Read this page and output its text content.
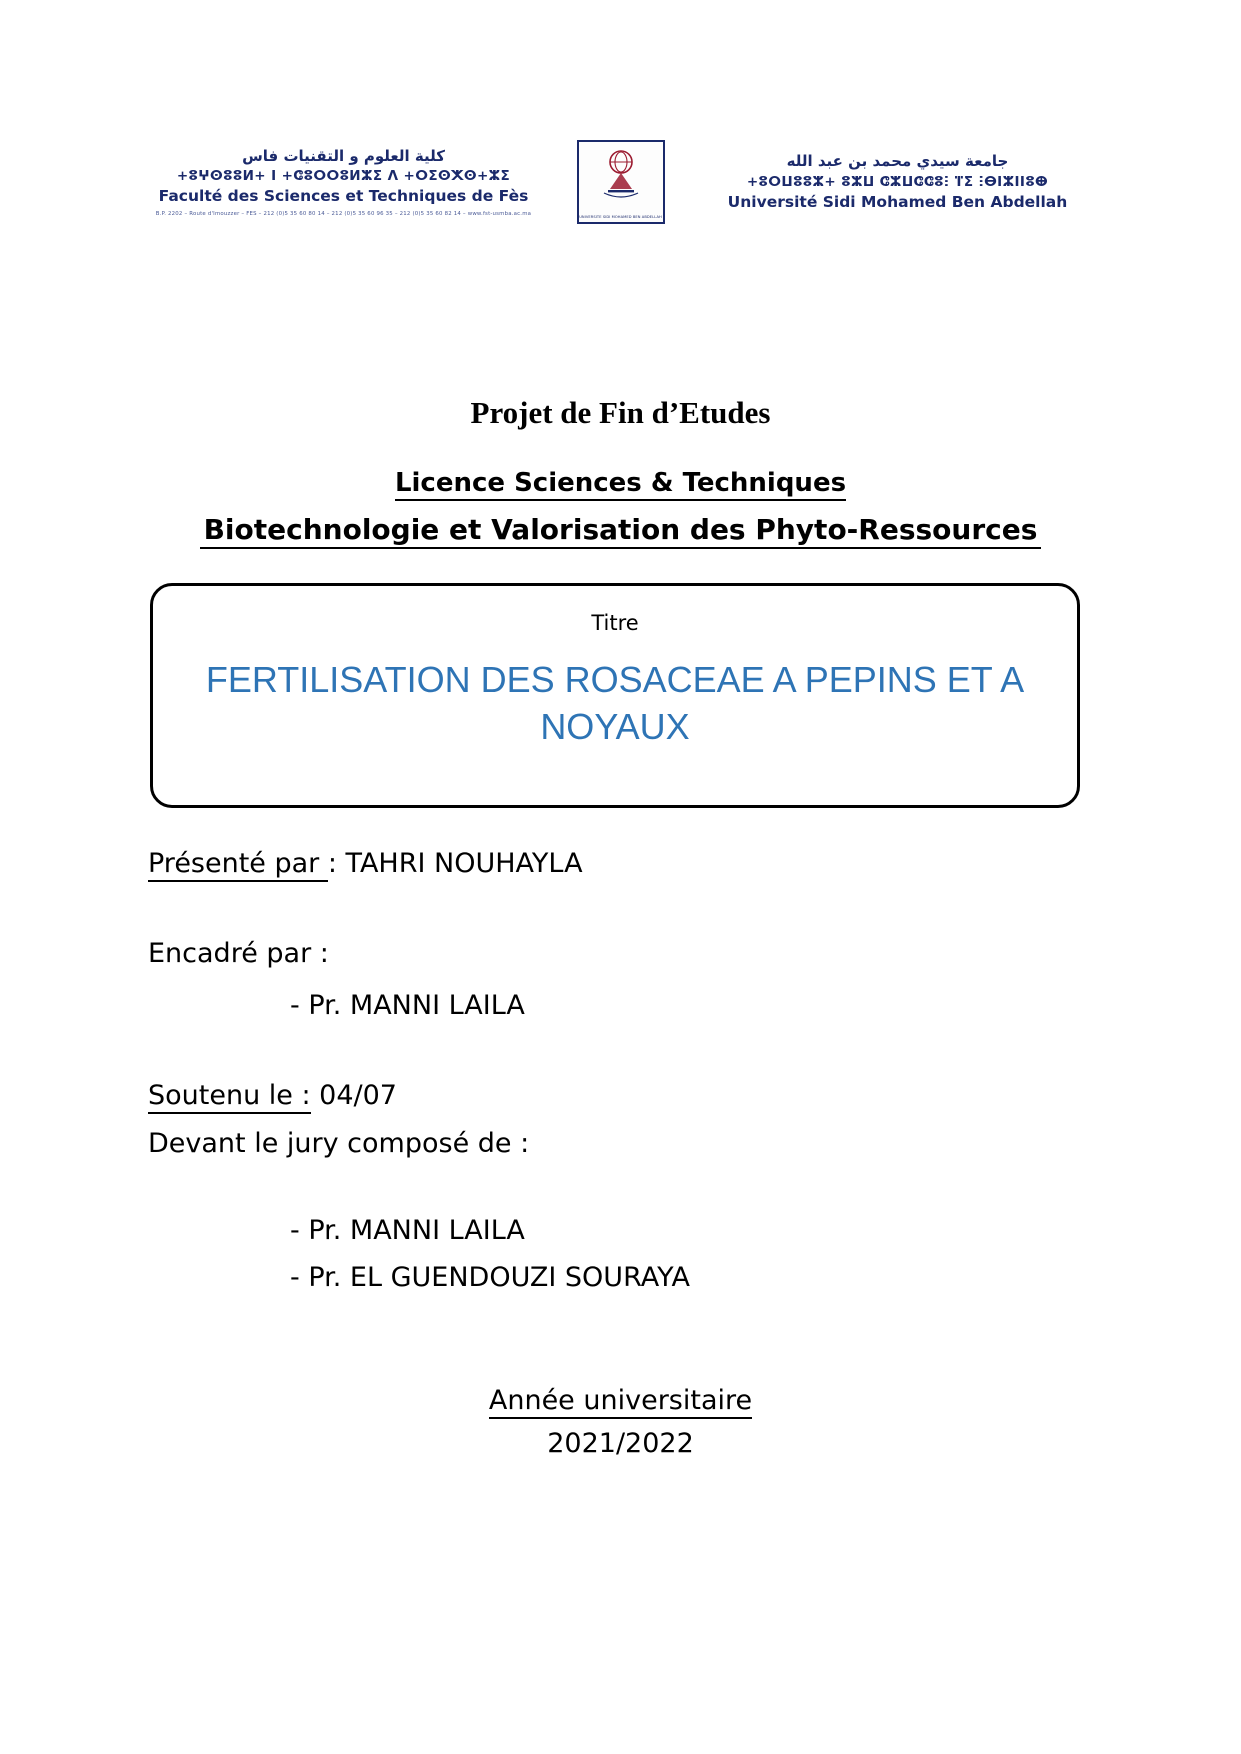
كلية العلوم و التقنيات فاس
+ⵓⵖⵙⵓⵓⵍ+ Ⅰ +ⵛⵓⵔⵔⵓⵍⵣⵉ Ʌ +ⵔⵉⵙⵅⵙ+ⵣⵉ
Faculté des Sciences et Techniques de Fès
B.P. 2202 – Route d'Imouzzer – FES – 212 (0)5 35 60 80 14 – 212 (0)5 35 60 96 35 – 212 (0)5 35 60 82 14 – www.fst-usmba.ac.ma
UNIVERSITE SIDI MOHAMED BEN ABDELLAH
جامعة سيدي محمد بن عبد الله
+ⵓⵔⵡⵓⵓⵣ+ ⵓⵣⵡ ⵛⵣⵡⵛⵛⵓⵗ ⴶⵉ ⵗⴱⵏⵣⵏⵏⵓⴲ
Université Sidi Mohamed Ben Abdellah
Projet de Fin d’Etudes
Licence Sciences & Techniques
Biotechnologie et Valorisation des Phyto-Ressources
Titre
FERTILISATION DES ROSACEAE A PEPINS ET A NOYAUX
Présenté par : TAHRI NOUHAYLA
Encadré par :
- Pr. MANNI LAILA
Soutenu le : 04/07
Devant le jury composé de :
- Pr. MANNI LAILA
- Pr. EL GUENDOUZI SOURAYA
Année universitaire
2021/2022
